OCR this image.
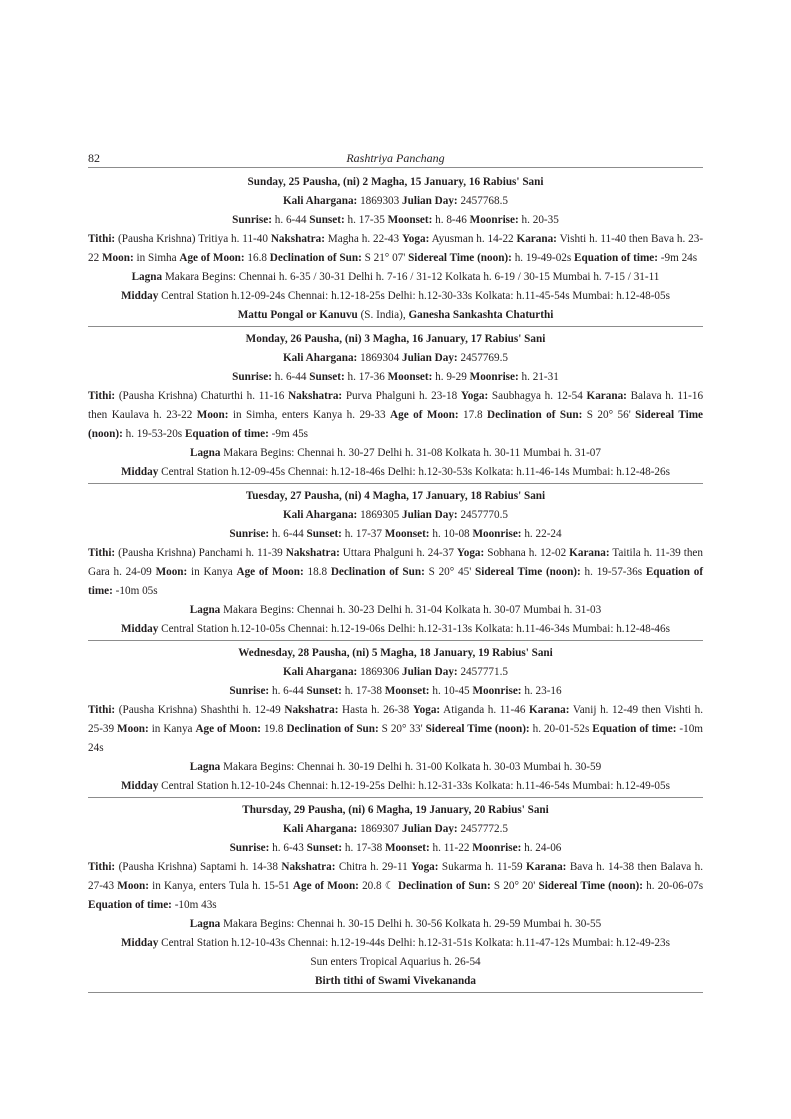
82	Rashtriya Panchang
Sunday, 25 Pausha, (ni) 2 Magha, 15 January, 16 Rabius' Sani
Kali Ahargana: 1869303 Julian Day: 2457768.5
Sunrise: h. 6-44 Sunset: h. 17-35 Moonset: h. 8-46 Moonrise: h. 20-35
Tithi: (Pausha Krishna) Tritiya h. 11-40 Nakshatra: Magha h. 22-43 Yoga: Ayusman h. 14-22 Karana: Vishti h. 11-40 then Bava h. 23-22 Moon: in Simha Age of Moon: 16.8 Declination of Sun: S 21° 07' Sidereal Time (noon): h. 19-49-02s Equation of time: -9m 24s
Lagna Makara Begins: Chennai h. 6-35 / 30-31 Delhi h. 7-16 / 31-12 Kolkata h. 6-19 / 30-15 Mumbai h. 7-15 / 31-11
Midday Central Station h.12-09-24s Chennai: h.12-18-25s Delhi: h.12-30-33s Kolkata: h.11-45-54s Mumbai: h.12-48-05s
Mattu Pongal or Kanuvu (S. India), Ganesha Sankashta Chaturthi
Monday, 26 Pausha, (ni) 3 Magha, 16 January, 17 Rabius' Sani
Kali Ahargana: 1869304 Julian Day: 2457769.5
Sunrise: h. 6-44 Sunset: h. 17-36 Moonset: h. 9-29 Moonrise: h. 21-31
Tithi: (Pausha Krishna) Chaturthi h. 11-16 Nakshatra: Purva Phalguni h. 23-18 Yoga: Saubhagya h. 12-54 Karana: Balava h. 11-16 then Kaulava h. 23-22 Moon: in Simha, enters Kanya h. 29-33 Age of Moon: 17.8 Declination of Sun: S 20° 56' Sidereal Time (noon): h. 19-53-20s Equation of time: -9m 45s
Lagna Makara Begins: Chennai h. 30-27 Delhi h. 31-08 Kolkata h. 30-11 Mumbai h. 31-07
Midday Central Station h.12-09-45s Chennai: h.12-18-46s Delhi: h.12-30-53s Kolkata: h.11-46-14s Mumbai: h.12-48-26s
Tuesday, 27 Pausha, (ni) 4 Magha, 17 January, 18 Rabius' Sani
Kali Ahargana: 1869305 Julian Day: 2457770.5
Sunrise: h. 6-44 Sunset: h. 17-37 Moonset: h. 10-08 Moonrise: h. 22-24
Tithi: (Pausha Krishna) Panchami h. 11-39 Nakshatra: Uttara Phalguni h. 24-37 Yoga: Sobhana h. 12-02 Karana: Taitila h. 11-39 then Gara h. 24-09 Moon: in Kanya Age of Moon: 18.8 Declination of Sun: S 20° 45' Sidereal Time (noon): h. 19-57-36s Equation of time: -10m 05s
Lagna Makara Begins: Chennai h. 30-23 Delhi h. 31-04 Kolkata h. 30-07 Mumbai h. 31-03
Midday Central Station h.12-10-05s Chennai: h.12-19-06s Delhi: h.12-31-13s Kolkata: h.11-46-34s Mumbai: h.12-48-46s
Wednesday, 28 Pausha, (ni) 5 Magha, 18 January, 19 Rabius' Sani
Kali Ahargana: 1869306 Julian Day: 2457771.5
Sunrise: h. 6-44 Sunset: h. 17-38 Moonset: h. 10-45 Moonrise: h. 23-16
Tithi: (Pausha Krishna) Shashthi h. 12-49 Nakshatra: Hasta h. 26-38 Yoga: Atiganda h. 11-46 Karana: Vanij h. 12-49 then Vishti h. 25-39 Moon: in Kanya Age of Moon: 19.8 Declination of Sun: S 20° 33' Sidereal Time (noon): h. 20-01-52s Equation of time: -10m 24s
Lagna Makara Begins: Chennai h. 30-19 Delhi h. 31-00 Kolkata h. 30-03 Mumbai h. 30-59
Midday Central Station h.12-10-24s Chennai: h.12-19-25s Delhi: h.12-31-33s Kolkata: h.11-46-54s Mumbai: h.12-49-05s
Thursday, 29 Pausha, (ni) 6 Magha, 19 January, 20 Rabius' Sani
Kali Ahargana: 1869307 Julian Day: 2457772.5
Sunrise: h. 6-43 Sunset: h. 17-38 Moonset: h. 11-22 Moonrise: h. 24-06
Tithi: (Pausha Krishna) Saptami h. 14-38 Nakshatra: Chitra h. 29-11 Yoga: Sukarma h. 11-59 Karana: Bava h. 14-38 then Balava h. 27-43 Moon: in Kanya, enters Tula h. 15-51 Age of Moon: 20.8 ☾ Declination of Sun: S 20° 20' Sidereal Time (noon): h. 20-06-07s Equation of time: -10m 43s
Lagna Makara Begins: Chennai h. 30-15 Delhi h. 30-56 Kolkata h. 29-59 Mumbai h. 30-55
Midday Central Station h.12-10-43s Chennai: h.12-19-44s Delhi: h.12-31-51s Kolkata: h.11-47-12s Mumbai: h.12-49-23s
Sun enters Tropical Aquarius h. 26-54
Birth tithi of Swami Vivekananda
